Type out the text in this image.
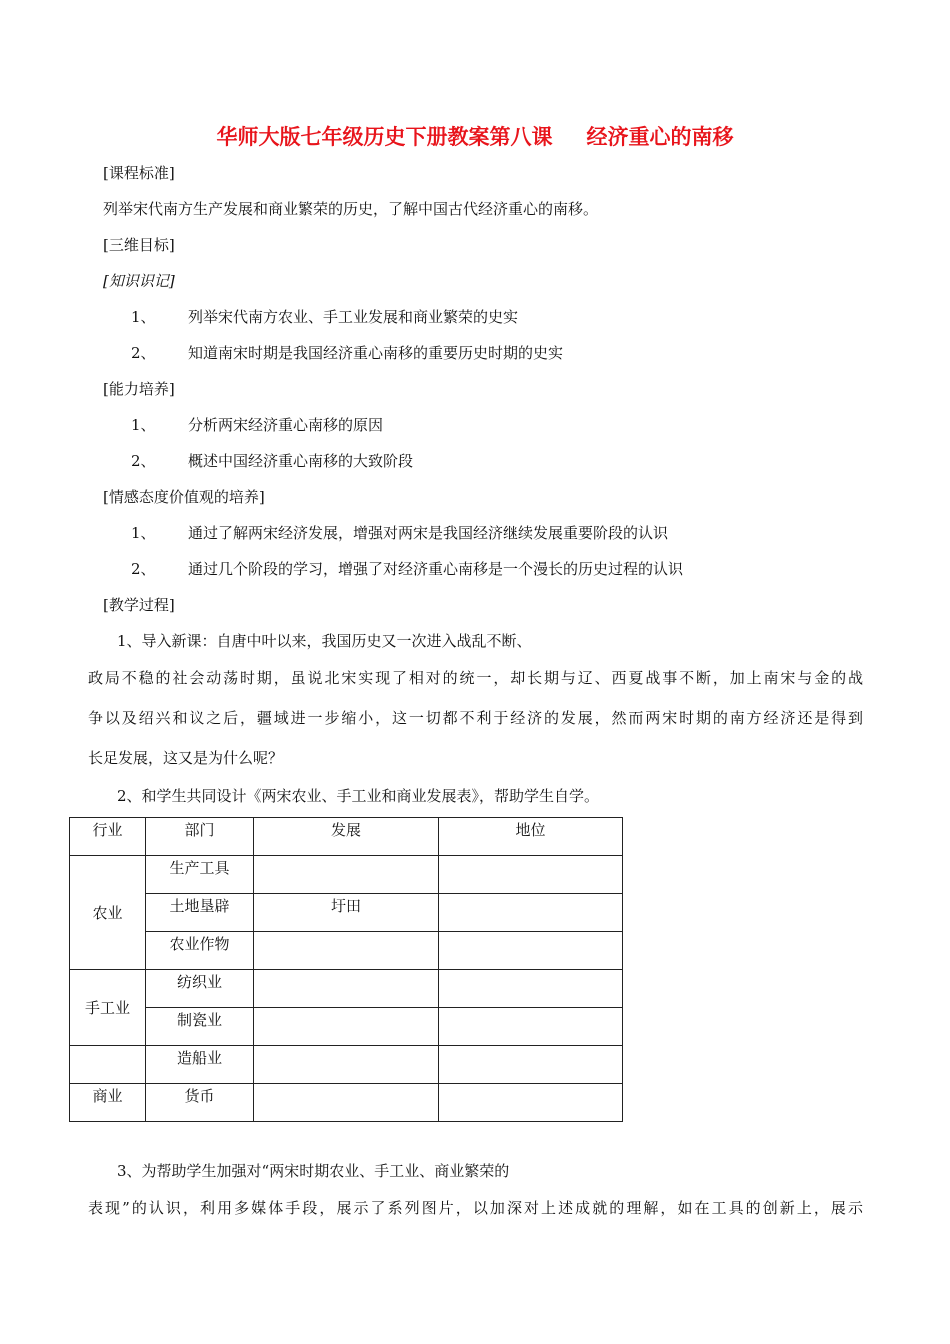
华师大版七年级历史下册教案第八课 经济重心的南移
[课程标准]
列举宋代南方生产发展和商业繁荣的历史，了解中国古代经济重心的南移。
[三维目标]
[知识识记]
1、 列举宋代南方农业、手工业发展和商业繁荣的史实
2、 知道南宋时期是我国经济重心南移的重要历史时期的史实
[能力培养]
1、 分析两宋经济重心南移的原因
2、 概述中国经济重心南移的大致阶段
[情感态度价值观的培养]
1、 通过了解两宋经济发展，增强对两宋是我国经济继续发展重要阶段的认识
2、 通过几个阶段的学习，增强了对经济重心南移是一个漫长的历史过程的认识
[教学过程]
1、导入新课：自唐中叶以来，我国历史又一次进入战乱不断、
政局不稳的社会动荡时期，虽说北宋实现了相对的统一，却长期与辽、西夏战事不断，加上南宋与金的战
争以及绍兴和议之后，疆域进一步缩小，这一切都不利于经济的发展，然而两宋时期的南方经济还是得到
长足发展，这又是为什么呢？
2、和学生共同设计《两宋农业、手工业和商业发展表》，帮助学生自学。
行业	部门	发展	地位

农业	生产工具		

	土地垦辟	圩田	

	农业作物		

手工业	纺织业		

	制瓷业		

	造船业		

商业	货币		

3、为帮助学生加强对“两宋时期农业、手工业、商业繁荣的
表现”的认识，利用多媒体手段，展示了系列图片，以加深对上述成就的理解，如在工具的创新上，展示
